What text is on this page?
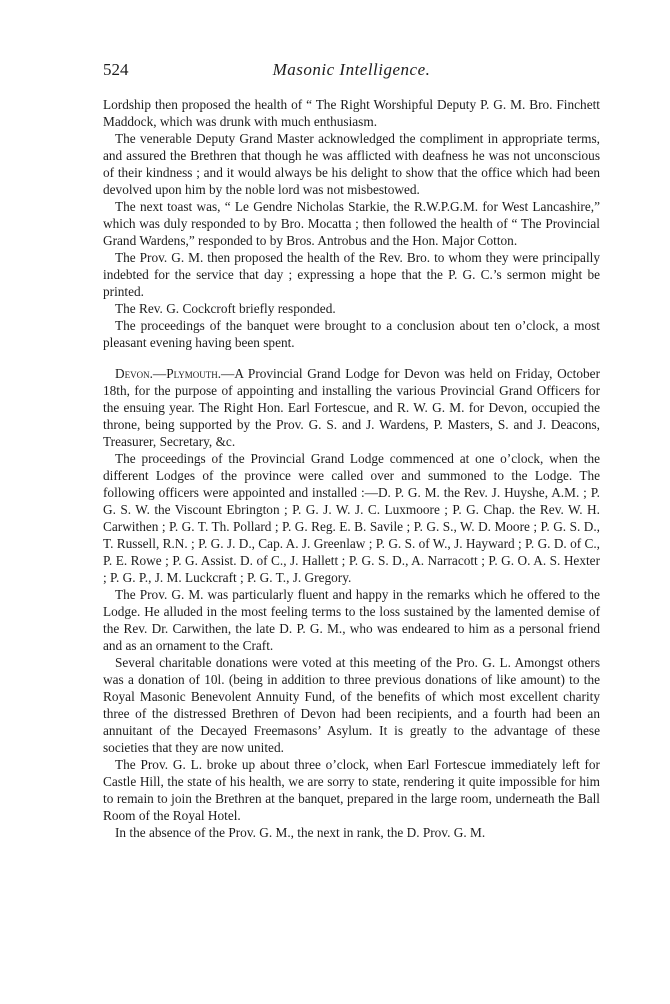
524	Masonic Intelligence.

Lordship then proposed the health of “ The Right Worshipful Deputy P. G. M. Bro. Finchett Maddock, which was drunk with much enthusiasm.

The venerable Deputy Grand Master acknowledged the compliment in appropriate terms, and assured the Brethren that though he was afflicted with deafness he was not unconscious of their kindness ; and it would always be his delight to show that the office which had been devolved upon him by the noble lord was not misbestowed.

The next toast was, “ Le Gendre Nicholas Starkie, the R.W.P.G.M. for West Lancashire,” which was duly responded to by Bro. Mocatta ; then followed the health of “ The Provincial Grand Wardens,” responded to by Bros. Antrobus and the Hon. Major Cotton.

The Prov. G. M. then proposed the health of the Rev. Bro. to whom they were principally indebted for the service that day ; expressing a hope that the P. G. C.’s sermon might be printed.

The Rev. G. Cockcroft briefly responded.

The proceedings of the banquet were brought to a conclusion about ten o’clock, a most pleasant evening having been spent.

Devon.—Plymouth.—A Provincial Grand Lodge for Devon was held on Friday, October 18th, for the purpose of appointing and installing the various Provincial Grand Officers for the ensuing year. The Right Hon. Earl Fortescue, and R. W. G. M. for Devon, occupied the throne, being supported by the Prov. G. S. and J. Wardens, P. Masters, S. and J. Deacons, Treasurer, Secretary, &c.

The proceedings of the Provincial Grand Lodge commenced at one o’clock, when the different Lodges of the province were called over and summoned to the Lodge. The following officers were appointed and installed :—D. P. G. M. the Rev. J. Huyshe, A.M. ; P. G. S. W. the Viscount Ebrington ; P. G. J. W. J. C. Luxmoore ; P. G. Chap. the Rev. W. H. Carwithen ; P. G. T. Th. Pollard ; P. G. Reg. E. B. Savile ; P. G. S., W. D. Moore ; P. G. S. D., T. Russell, R.N. ; P. G. J. D., Cap. A. J. Greenlaw ; P. G. S. of W., J. Hayward ; P. G. D. of C., P. E. Rowe ; P. G. Assist. D. of C., J. Hallett ; P. G. S. D., A. Narracott ; P. G. O. A. S. Hexter ; P. G. P., J. M. Luckcraft ; P. G. T., J. Gregory.

The Prov. G. M. was particularly fluent and happy in the remarks which he offered to the Lodge. He alluded in the most feeling terms to the loss sustained by the lamented demise of the Rev. Dr. Carwithen, the late D. P. G. M., who was endeared to him as a personal friend and as an ornament to the Craft.

Several charitable donations were voted at this meeting of the Pro. G. L. Amongst others was a donation of 10l. (being in addition to three previous donations of like amount) to the Royal Masonic Benevolent Annuity Fund, of the benefits of which most excellent charity three of the distressed Brethren of Devon had been recipients, and a fourth had been an annuitant of the Decayed Freemasons’ Asylum. It is greatly to the advantage of these societies that they are now united.

The Prov. G. L. broke up about three o’clock, when Earl Fortescue immediately left for Castle Hill, the state of his health, we are sorry to state, rendering it quite impossible for him to remain to join the Brethren at the banquet, prepared in the large room, underneath the Ball Room of the Royal Hotel.

In the absence of the Prov. G. M., the next in rank, the D. Prov. G. M.
